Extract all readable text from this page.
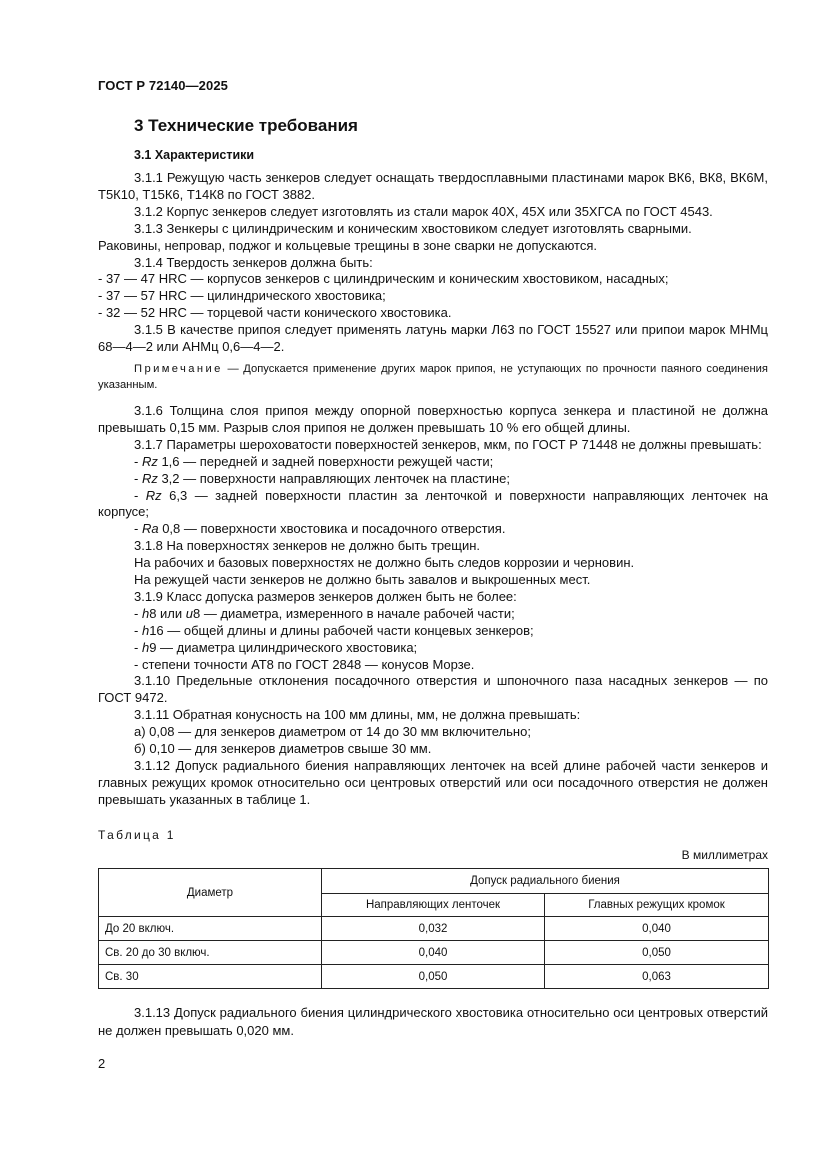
ГОСТ Р 72140—2025
3 Технические требования
3.1 Характеристики

3.1.1 Режущую часть зенкеров следует оснащать твердосплавными пластинами марок ВК6, ВК8, ВК6М, Т5К10, Т15К6, Т14К8 по ГОСТ 3882.

3.1.2 Корпус зенкеров следует изготовлять из стали марок 40Х, 45Х или 35ХГСА по ГОСТ 4543.

3.1.3 Зенкеры с цилиндрическим и коническим хвостовиком следует изготовлять сварными.

Раковины, непровар, поджог и кольцевые трещины в зоне сварки не допускаются.

3.1.4 Твердость зенкеров должна быть:

- 37 — 47 HRC — корпусов зенкеров с цилиндрическим и коническим хвостовиком, насадных;

- 37 — 57 HRC — цилиндрического хвостовика;

- 32 — 52 HRC — торцевой части конического хвостовика.

3.1.5 В качестве припоя следует применять латунь марки Л63 по ГОСТ 15527 или припои марок МНМц 68—4—2 или АНМц 0,6—4—2.

Примечание — Допускается применение других марок припоя, не уступающих по прочности паяного соединения указанным.

3.1.6 Толщина слоя припоя между опорной поверхностью корпуса зенкера и пластиной не должна превышать 0,15 мм. Разрыв слоя припоя не должен превышать 10 % его общей длины.

3.1.7 Параметры шероховатости поверхностей зенкеров, мкм, по ГОСТ Р 71448 не должны превышать:

- Rz 1,6 — передней и задней поверхности режущей части;

- Rz 3,2 — поверхности направляющих ленточек на пластине;

- Rz 6,3 — задней поверхности пластин за ленточкой и поверхности направляющих ленточек на корпусе;

- Ra 0,8 — поверхности хвостовика и посадочного отверстия.

3.1.8 На поверхностях зенкеров не должно быть трещин.

На рабочих и базовых поверхностях не должно быть следов коррозии и черновин.

На режущей части зенкеров не должно быть завалов и выкрошенных мест.

3.1.9 Класс допуска размеров зенкеров должен быть не более:

- h8 или u8 — диаметра, измеренного в начале рабочей части;

- h16 — общей длины и длины рабочей части концевых зенкеров;

- h9 — диаметра цилиндрического хвостовика;

- степени точности АТ8 по ГОСТ 2848 — конусов Морзе.

3.1.10 Предельные отклонения посадочного отверстия и шпоночного паза насадных зенкеров — по ГОСТ 9472.

3.1.11 Обратная конусность на 100 мм длины, мм, не должна превышать:

а) 0,08 — для зенкеров диаметром от 14 до 30 мм включительно;

б) 0,10 — для зенкеров диаметров свыше 30 мм.

3.1.12 Допуск радиального биения направляющих ленточек на всей длине рабочей части зенкеров и главных режущих кромок относительно оси центровых отверстий или оси посадочного отверстия не должен превышать указанных в таблице 1.

Таблица 1
В миллиметрах
Диаметр	Допуск радиального биения	
	Направляющих ленточек	Главных режущих кромок
До 20 включ.	0,032	0,040
Св. 20 до 30 включ.	0,040	0,050
Св. 30	0,050	0,063

3.1.13 Допуск радиального биения цилиндрического хвостовика относительно оси центровых отверстий не должен превышать 0,020 мм.

2
